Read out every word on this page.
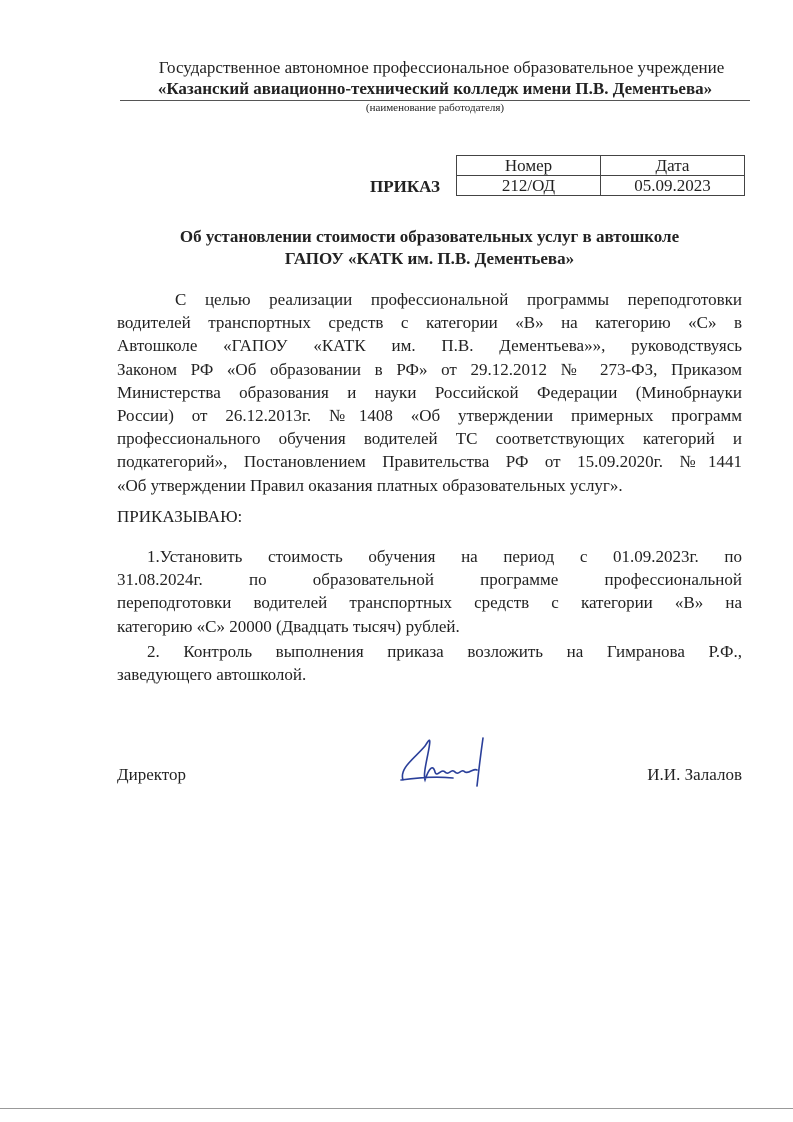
Государственное автономное профессиональное образовательное учреждение
«Казанский авиационно-технический колледж имени П.В. Дементьева»
(наименование работодателя)
ПРИКАЗ
Номер	Дата
212/ОД	05.09.2023
Об установлении стоимости образовательных услуг в автошколе
ГАПОУ «КАТК им. П.В. Дементьева»
С целью реализации профессиональной программы переподготовки
водителей транспортных средств с категории «В» на категорию «С» в
Автошколе «ГАПОУ «КАТК им. П.В. Дементьева»», руководствуясь
Законом РФ «Об образовании в РФ» от 29.12.2012 № 273-ФЗ, Приказом
Министерства образования и науки Российской Федерации (Минобрнауки
России) от 26.12.2013г. №1408 «Об утверждении примерных программ
профессионального обучения водителей ТС соответствующих категорий и
подкатегорий», Постановлением Правительства РФ от 15.09.2020г. №1441
«Об утверждении Правил оказания платных образовательных услуг».
ПРИКАЗЫВАЮ:
1.Установить стоимость обучения на период с 01.09.2023г. по
31.08.2024г. по образовательной программе профессиональной
переподготовки водителей транспортных средств с категории «В» на
категорию «С» 20000 (Двадцать тысяч) рублей.
2. Контроль выполнения приказа возложить на Гимранова Р.Ф.,
заведующего автошколой.
Директор	И.И. Залалов
